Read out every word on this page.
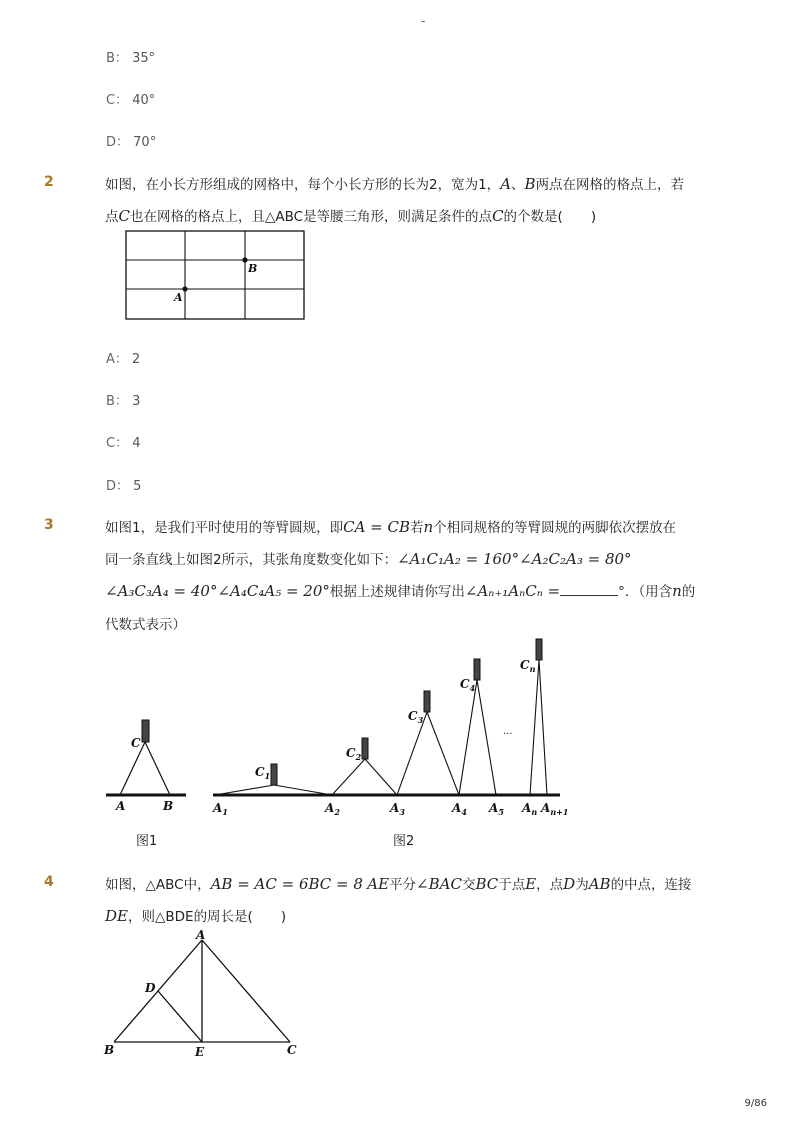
-
B： 35°
C： 40°
D： 70°
2	如图，在小长方形组成的网格中，每个小长方形的长为2，宽为1，A、B两点在网格的格点上，若
点C也在网格的格点上，且△ABC是等腰三角形，则满足条件的点C的个数是( )
A
B
A： 2
B： 3
C： 4
D： 5
3	如图1，是我们平时使用的等臂圆规，即CA = CB若n个相同规格的等臂圆规的两脚依次摆放在
同一条直线上如图2所示，其张角度数变化如下：∠A₁C₁A₂ = 160°∠A₂C₂A₃ = 80°
∠A₃C₃A₄ = 40°∠A₄C₄A₅ = 20°根据上述规律请你写出∠Aₙ₊₁AₙCₙ =	°．（用含n的
代数式表示）
C
A	B
图1
...
$C_1$
$C_2$
$C_3$
$C_4$
$C_n$
$A_1$	$A_2$	$A_3$	$A_4$ $A_5$ $A_n$ $A_{n+1}$
图2
4	如图，△ABC中，AB = AC = 6BC = 8 AE平分∠BAC交BC于点E，点D为AB的中点，连接
DE，则△BDE的周长是( )
A
B	C
D
E
9/86
